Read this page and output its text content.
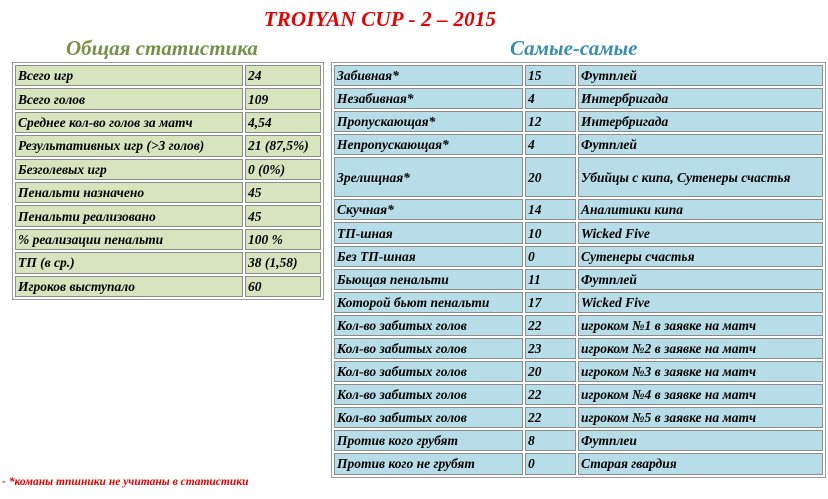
TROIYAN CUP - 2 – 2015
Общая статистика	Самые-самые
Всего игр	24
Всего голов	109
Среднее кол-во голов за матч	4,54
Результативных игр (>3 голов)	21 (87,5%)
Безголевых игр	0 (0%)
Пенальти назначено	45
Пенальти реализовано	45
% реализации пенальти	100 %
ТП (в ср.)	38 (1,58)
Игроков выступало	60
Забивная*	15	Футплей
Незабивная*	4	Интербригада
Пропускающая*	12	Интербригада
Непропускающая*	4	Футплей
Зрелищная*	20	Убийцы с кипа, Сутенеры счастья
Скучная*	14	Аналитики кипа
ТП-шная	10	Wicked Five
Без ТП-шная	0	Сутенеры счастья
Бьющая пенальти	11	Футплей
Которой бьют пенальти	17	Wicked Five
Кол-во забитых голов	22	игроком №1 в заявке на матч
Кол-во забитых голов	23	игроком №2 в заявке на матч
Кол-во забитых голов	20	игроком №3 в заявке на матч
Кол-во забитых голов	22	игроком №4 в заявке на матч
Кол-во забитых голов	22	игроком №5 в заявке на матч
Против кого грубят	8	Футплеи
Против кого не грубят	0	Старая гвардия
- *команы тпшники не учитаны в статистики
